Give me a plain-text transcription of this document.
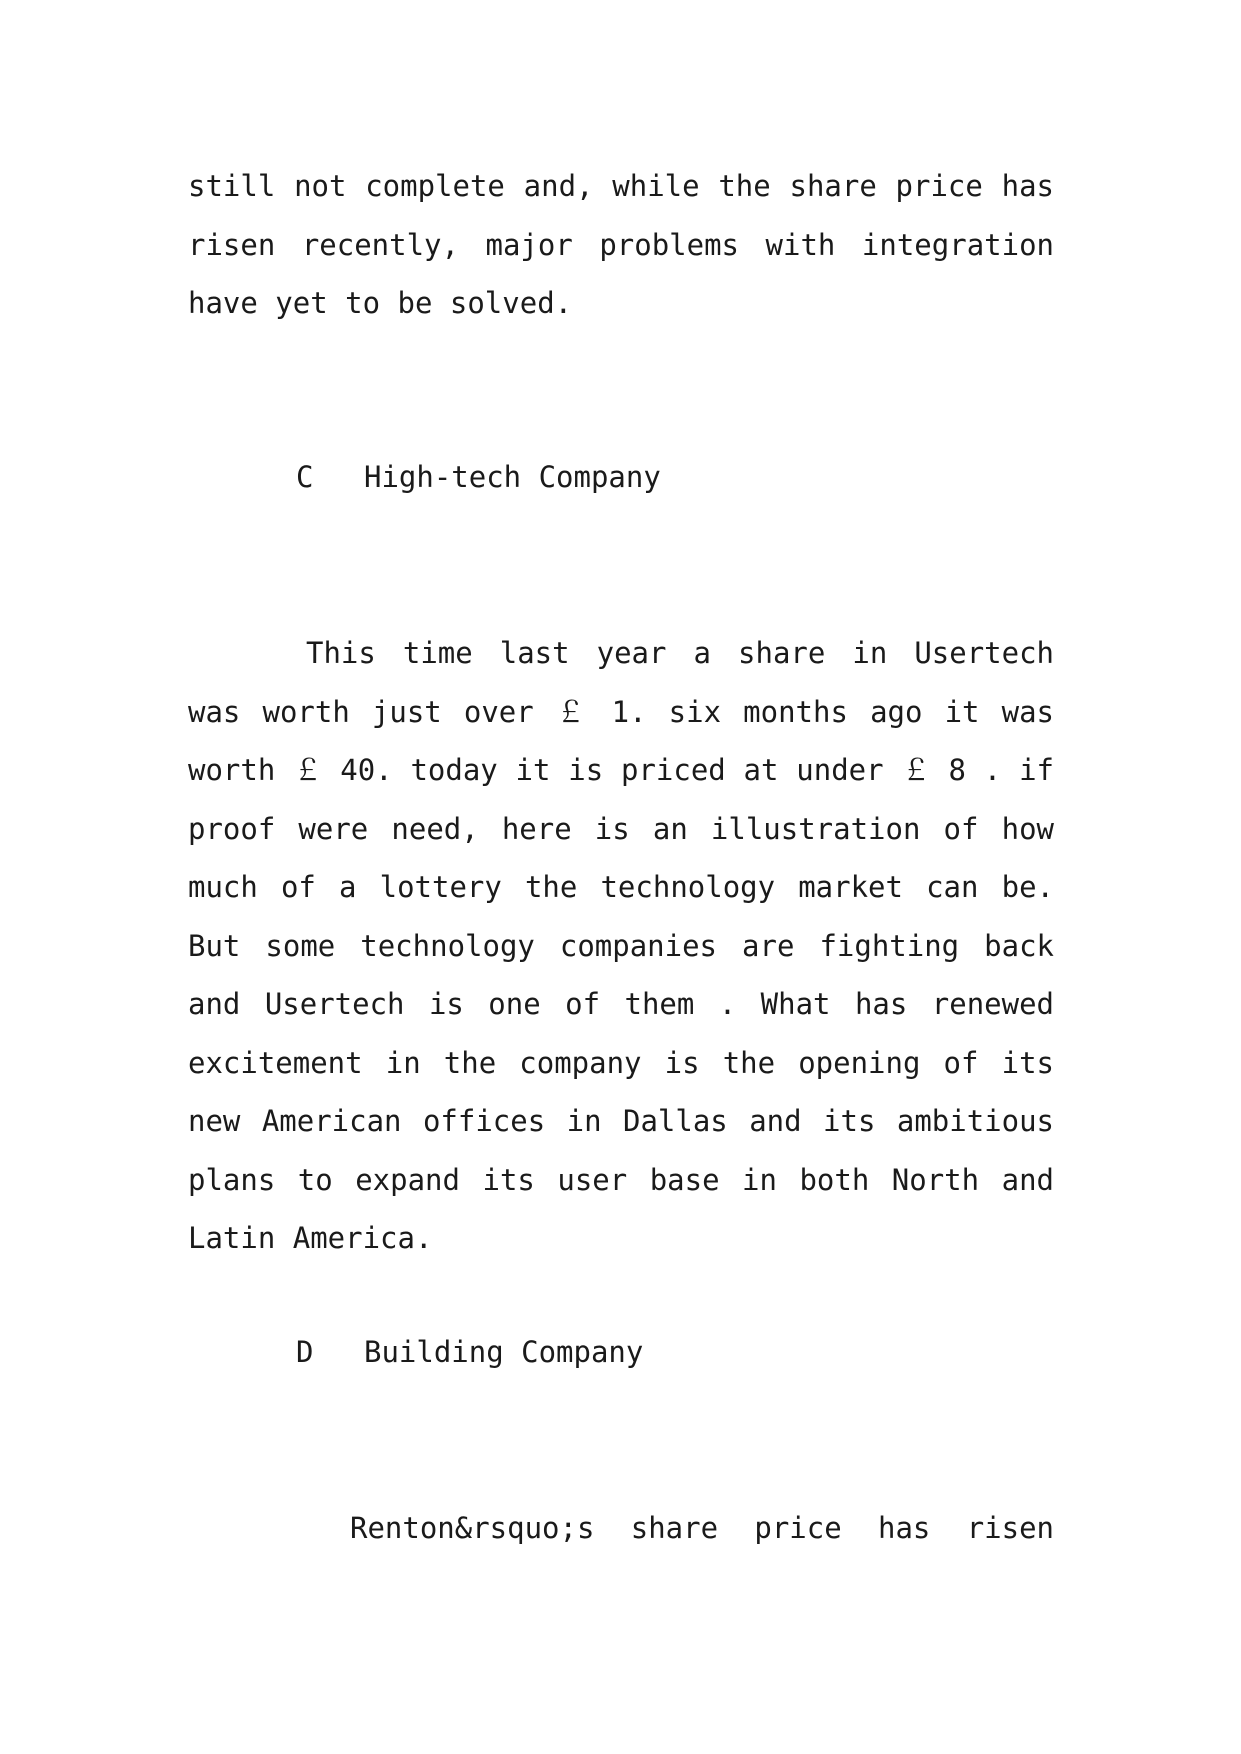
still not complete and, while the share price has risen recently, major problems with integration have yet to be solved.

C High-tech Company

This time last year a share in Usertech was worth just over ￡ 1. six months ago it was worth ￡ 40. today it is priced at under ￡ 8 . if proof were need, here is an illustration of how much of a lottery the technology market can be. But some technology companies are fighting back and Usertech is one of them . What has renewed excitement in the company is the opening of its new American offices in Dallas and its ambitious plans to expand its user base in both North and Latin America.

D Building Company

Renton&rsquo;s share price has risen
